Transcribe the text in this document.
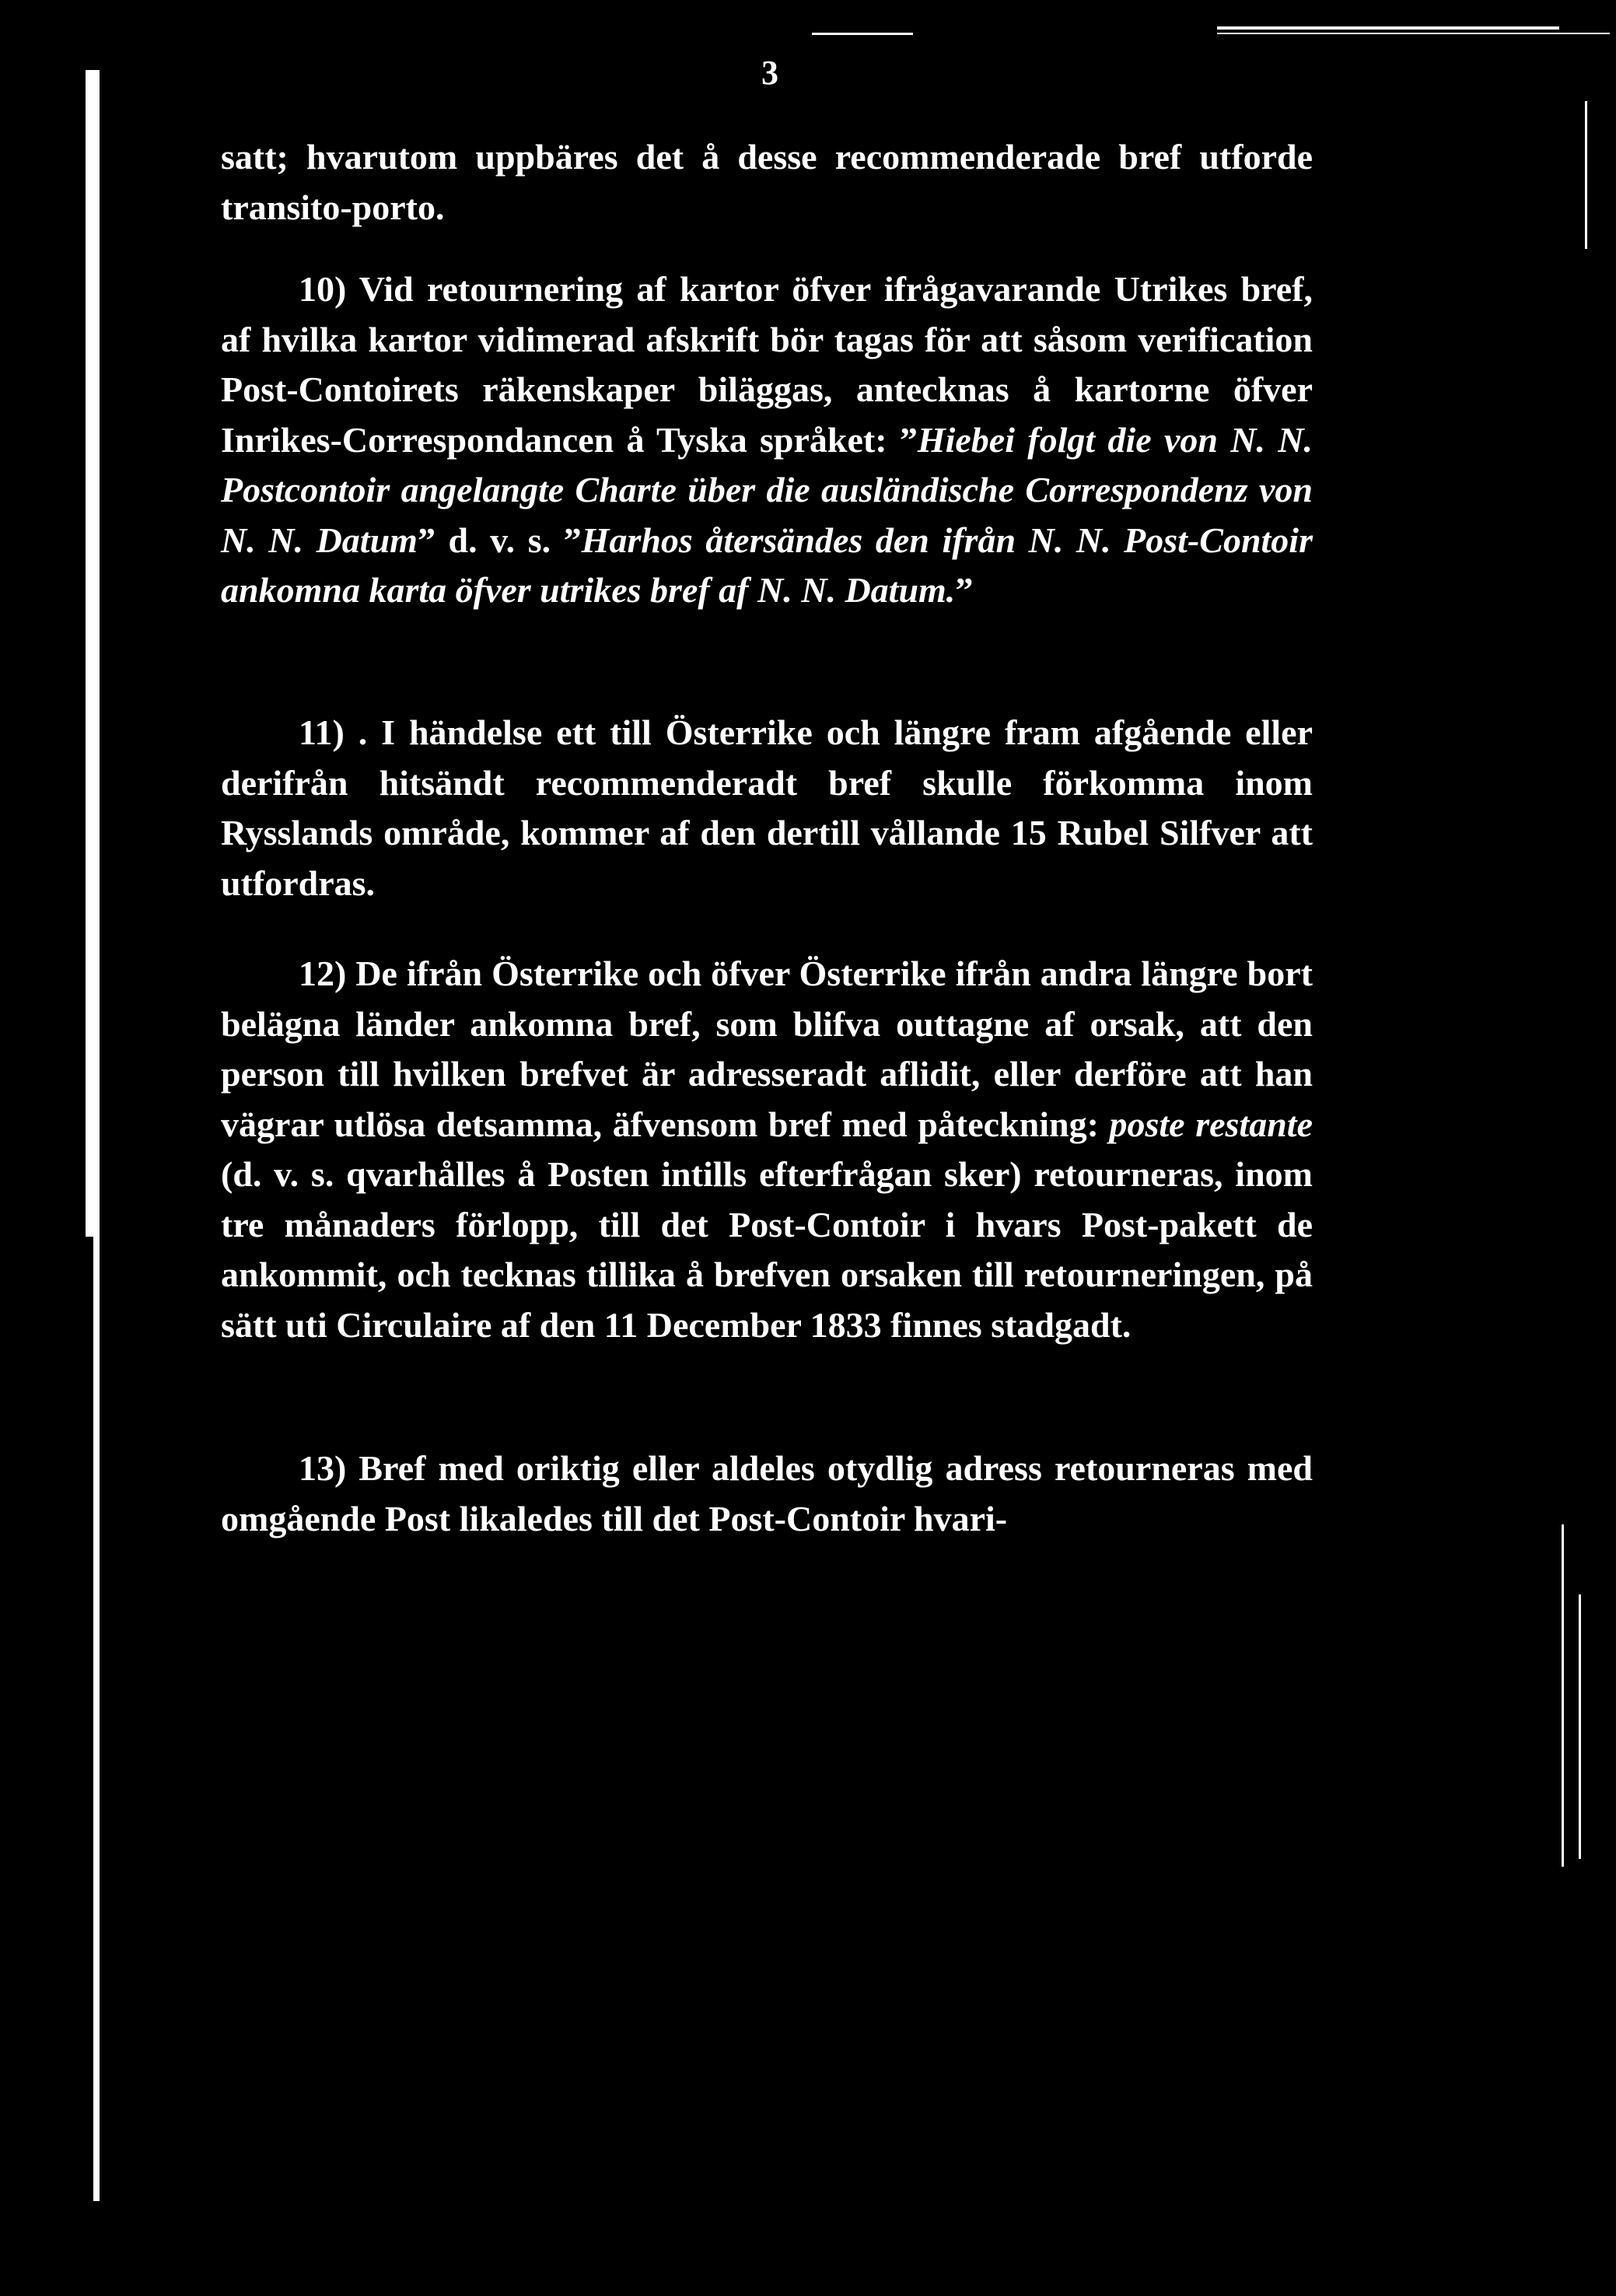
3

satt; hvarutom uppbäres det å desse recommenderade bref utforde transito-porto.

10) Vid retournering af kartor öfver ifrågavarande Utrikes bref, af hvilka kartor vidimerad afskrift bör tagas för att såsom verification Post-Contoirets räkenskaper biläggas, antecknas å kartorne öfver Inrikes-Correspondancen å Tyska språket: ”Hiebei folgt die von N. N. Postcontoir angelangte Charte über die ausländische Correspondenz von N. N. Datum” d. v. s. ”Harhos återsändes den ifrån N. N. Post-Contoir ankomna karta öfver utrikes bref af N. N. Datum.”

11) . I händelse ett till Österrike och längre fram afgående eller derifrån hitsändt recommenderadt bref skulle förkomma inom Rysslands område, kommer af den dertill vållande 15 Rubel Silfver att utfordras.

12) De ifrån Österrike och öfver Österrike ifrån andra längre bort belägna länder ankomna bref, som blifva outtagne af orsak, att den person till hvilken brefvet är adresseradt aflidit, eller derföre att han vägrar utlösa detsamma, äfvensom bref med påteckning: poste restante (d. v. s. qvarhålles å Posten intills efterfrågan sker) retourneras, inom tre månaders förlopp, till det Post-Contoir i hvars Post-pakett de ankommit, och tecknas tillika å brefven orsaken till retourneringen, på sätt uti Circulaire af den 11 December 1833 finnes stadgadt.

13) Bref med oriktig eller aldeles otydlig adress retourneras med omgående Post likaledes till det Post-Contoir hvari-
